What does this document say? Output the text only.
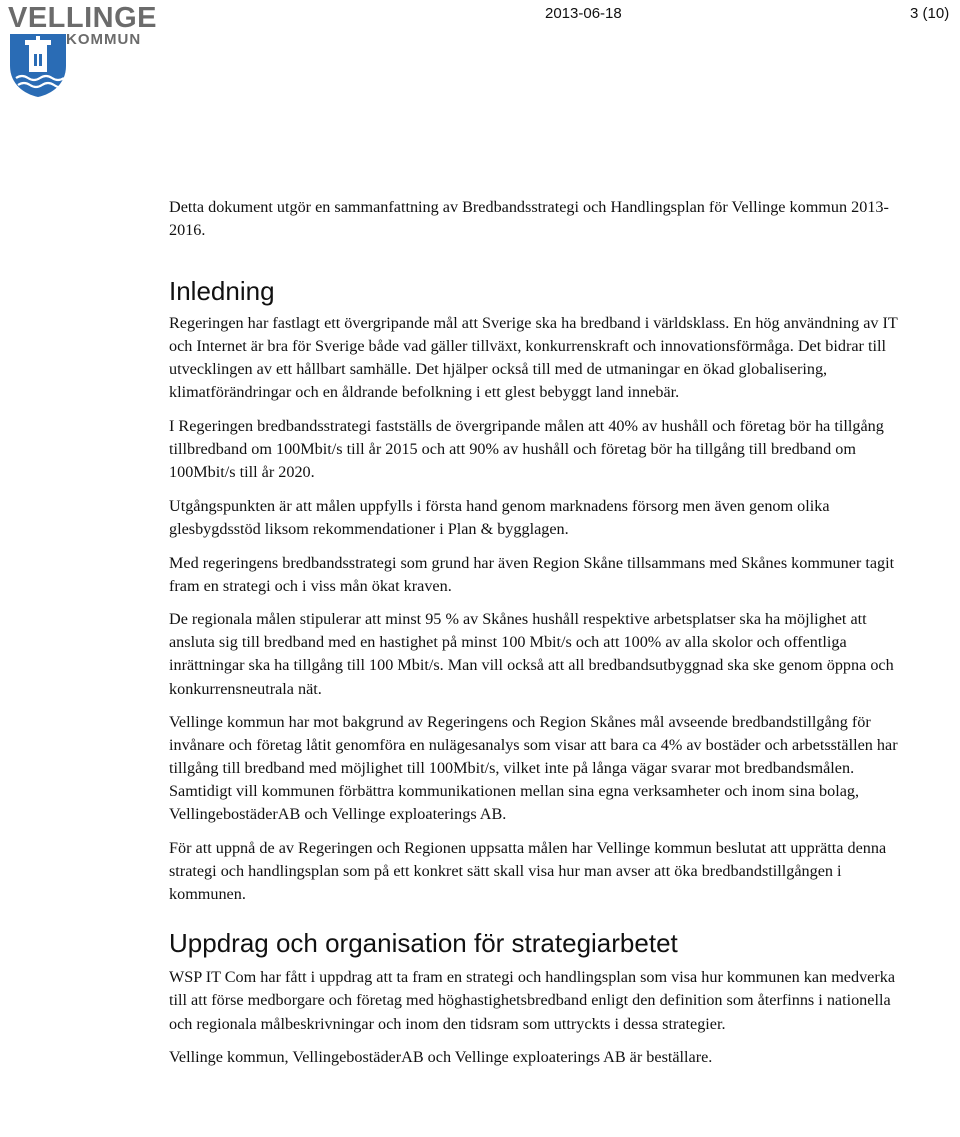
VELLINGE
KOMMUN
2013-06-18	3 (10)

Detta dokument utgör en sammanfattning av Bredbandsstrategi och Handlingsplan för Vellinge kommun 2013-2016.

Inledning

Regeringen har fastlagt ett övergripande mål att Sverige ska ha bredband i världsklass. En hög användning av IT och Internet är bra för Sverige både vad gäller tillväxt, konkurrenskraft och innovationsförmåga. Det bidrar till utvecklingen av ett hållbart samhälle. Det hjälper också till med de utmaningar en ökad globalisering, klimatförändringar och en åldrande befolkning i ett glest bebyggt land innebär.

I Regeringen bredbandsstrategi fastställs de övergripande målen att 40% av hushåll och företag bör ha tillgång tillbredband om 100Mbit/s till år 2015 och att 90% av hushåll och företag bör ha tillgång till bredband om 100Mbit/s till år 2020.

Utgångspunkten är att målen uppfylls i första hand genom marknadens försorg men även genom olika glesbygdsstöd liksom rekommendationer i Plan & bygglagen.

Med regeringens bredbandsstrategi som grund har även Region Skåne tillsammans med Skånes kommuner tagit fram en strategi och i viss mån ökat kraven.

De regionala målen stipulerar att minst 95 % av Skånes hushåll respektive arbetsplatser ska ha möjlighet att ansluta sig till bredband med en hastighet på minst 100 Mbit/s och att 100% av alla skolor och offentliga inrättningar ska ha tillgång till 100 Mbit/s. Man vill också att all bredbandsutbyggnad ska ske genom öppna och konkurrensneutrala nät.

Vellinge kommun har mot bakgrund av Regeringens och Region Skånes mål avseende bredbandstillgång för invånare och företag låtit genomföra en nulägesanalys som visar att bara ca 4% av bostäder och arbetsställen har tillgång till bredband med möjlighet till 100Mbit/s, vilket inte på långa vägar svarar mot bredbandsmålen. Samtidigt vill kommunen förbättra kommunikationen mellan sina egna verksamheter och inom sina bolag, VellingebostäderAB och Vellinge exploaterings AB.

För att uppnå de av Regeringen och Regionen uppsatta målen har Vellinge kommun beslutat att upprätta denna strategi och handlingsplan som på ett konkret sätt skall visa hur man avser att öka bredbandstillgången i kommunen.

Uppdrag och organisation för strategiarbetet

WSP IT Com har fått i uppdrag att ta fram en strategi och handlingsplan som visa hur kommunen kan medverka till att förse medborgare och företag med höghastighetsbredband enligt den definition som återfinns i nationella och regionala målbeskrivningar och inom den tidsram som uttryckts i dessa strategier.

Vellinge kommun, VellingebostäderAB och Vellinge exploaterings AB är beställare.
